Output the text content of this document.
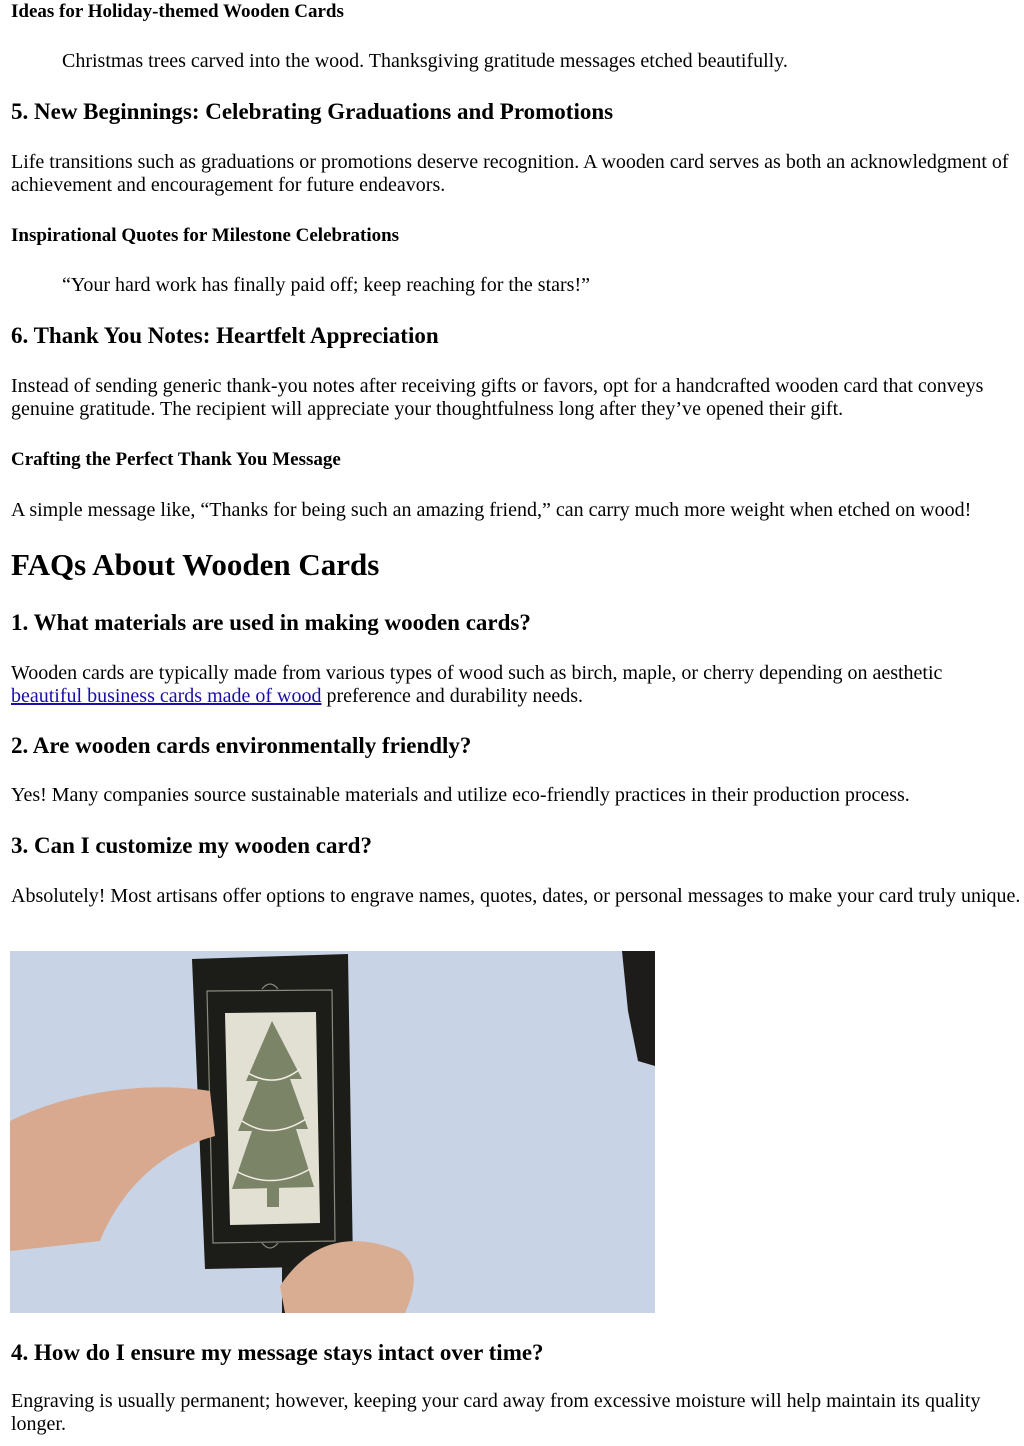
Ideas for Holiday-themed Wooden Cards

Christmas trees carved into the wood. Thanksgiving gratitude messages etched beautifully.

5. New Beginnings: Celebrating Graduations and Promotions

Life transitions such as graduations or promotions deserve recognition. A wooden card serves as both an acknowledgment of achievement and encouragement for future endeavors.

Inspirational Quotes for Milestone Celebrations

“Your hard work has finally paid off; keep reaching for the stars!”

6. Thank You Notes: Heartfelt Appreciation

Instead of sending generic thank-you notes after receiving gifts or favors, opt for a handcrafted wooden card that conveys genuine gratitude. The recipient will appreciate your thoughtfulness long after they’ve opened their gift.

Crafting the Perfect Thank You Message

A simple message like, “Thanks for being such an amazing friend,” can carry much more weight when etched on wood!

FAQs About Wooden Cards
1. What materials are used in making wooden cards?

Wooden cards are typically made from various types of wood such as birch, maple, or cherry depending on aesthetic
beautiful business cards made of wood preference and durability needs.

2. Are wooden cards environmentally friendly?

Yes! Many companies source sustainable materials and utilize eco-friendly practices in their production process.

3. Can I customize my wooden card?

Absolutely! Most artisans offer options to engrave names, quotes, dates, or personal messages to make your card truly unique.

4. How do I ensure my message stays intact over time?

Engraving is usually permanent; however, keeping your card away from excessive moisture will help maintain its quality longer.
